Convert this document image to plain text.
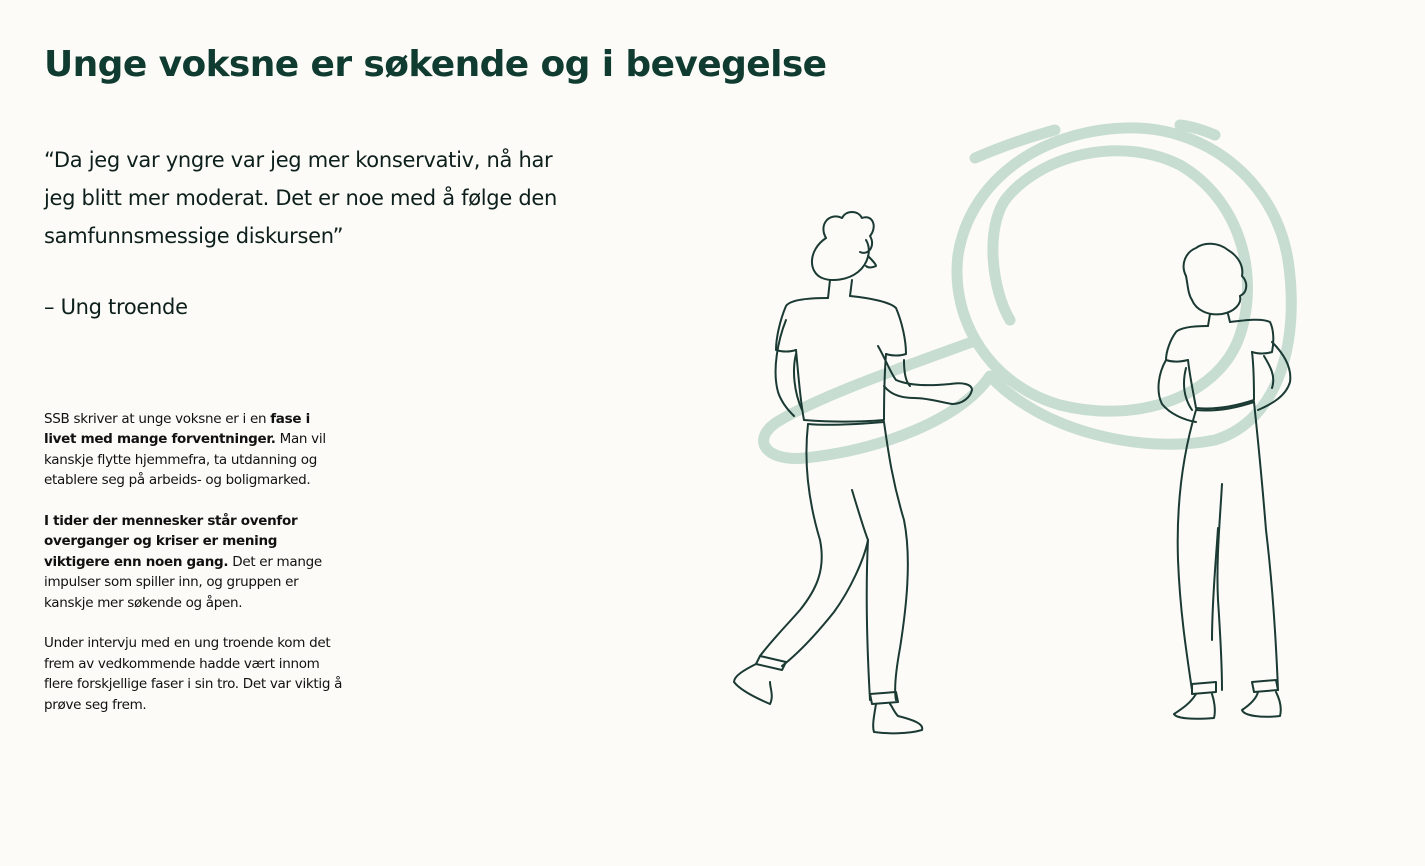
Unge voksne er søkende og i bevegelse

“Da jeg var yngre var jeg mer konservativ, nå har jeg blitt mer moderat. Det er noe med å følge den samfunnsmessige diskursen”

– Ung troende

SSB skriver at unge voksne er i en fase i livet med mange forventninger. Man vil kanskje flytte hjemmefra, ta utdanning og etablere seg på arbeids- og boligmarked.

I tider der mennesker står ovenfor overganger og kriser er mening viktigere enn noen gang. Det er mange impulser som spiller inn, og gruppen er kanskje mer søkende og åpen.

Under intervju med en ung troende kom det frem av vedkommende hadde vært innom flere forskjellige faser i sin tro. Det var viktig å prøve seg frem.
